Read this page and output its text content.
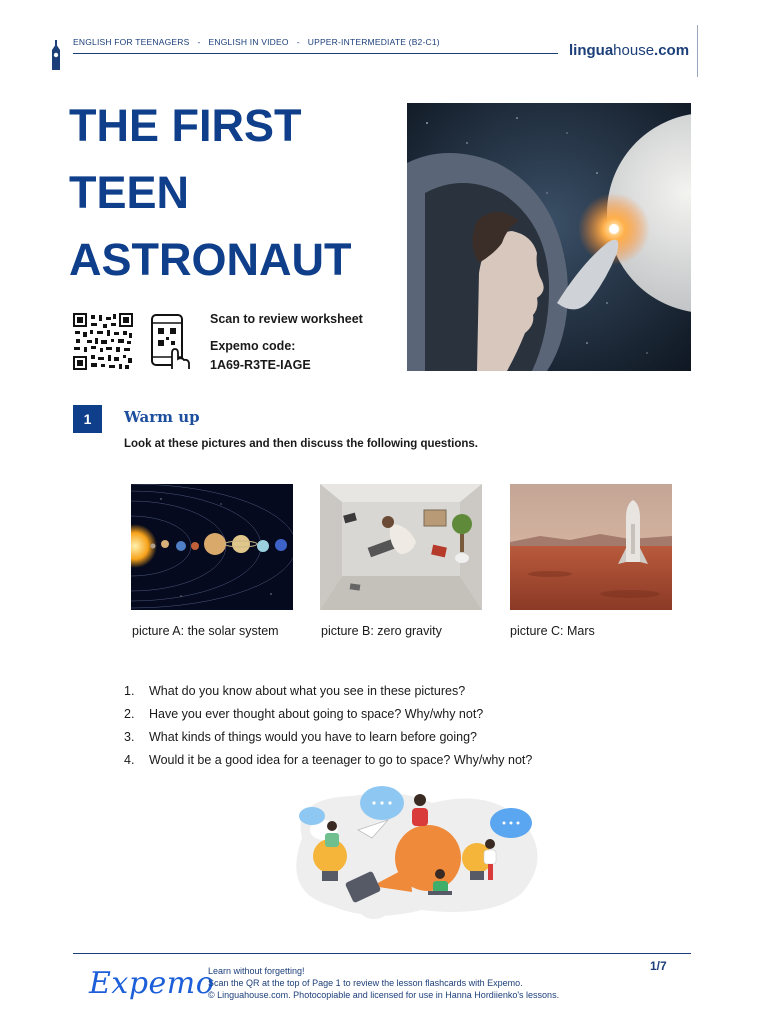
ENGLISH FOR TEENAGERS - ENGLISH IN VIDEO - UPPER-INTERMEDIATE (B2-C1)	linguahouse.com
THE FIRST
TEEN
ASTRONAUT
Scan to review worksheet
Expemo code:
1A69-R3TE-IAGE
1	Warm up
Look at these pictures and then discuss the following questions.
picture A: the solar system	picture B: zero gravity	picture C: Mars
1.	What do you know about what you see in these pictures?
2.	Have you ever thought about going to space? Why/why not?
3.	What kinds of things would you have to learn before going?
4.	Would it be a good idea for a teenager to go to space? Why/why not?
Expemo
Learn without forgetting!
Scan the QR at the top of Page 1 to review the lesson flashcards with Expemo.
© Linguahouse.com. Photocopiable and licensed for use in Hanna Hordiienko's lessons.
1/7
